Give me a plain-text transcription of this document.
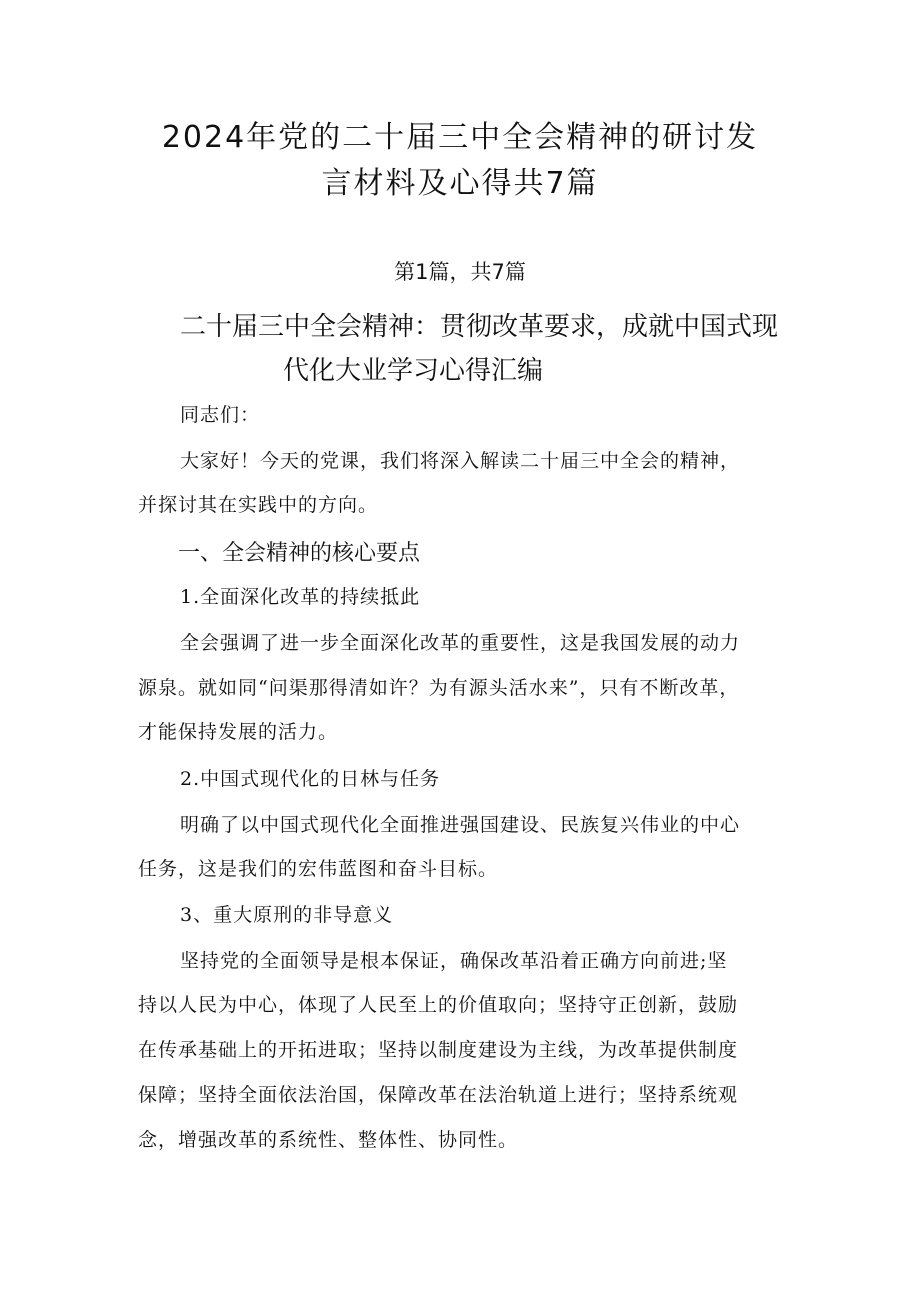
2024年党的二十届三中全会精神的研讨发
言材料及心得共7篇
第1篇，共7篇
二十届三中全会精神：贯彻改革要求，成就中国式现
代化大业学习心得汇编
同志们：
大家好！今天的党课，我们将深入解读二十届三中全会的精神，
并探讨其在实践中的方向。
一、全会精神的核心要点
1.全面深化改革的持续抵此
全会强调了进一步全面深化改革的重要性，这是我国发展的动力
源泉。就如同“问渠那得清如许？为有源头活水来”，只有不断改革，
才能保持发展的活力。
2.中国式现代化的日林与任务
明确了以中国式现代化全面推进强国建设、民族复兴伟业的中心
任务，这是我们的宏伟蓝图和奋斗目标。
3、重大原刑的非导意义
坚持党的全面领导是根本保证，确保改革沿着正确方向前进;坚
持以人民为中心，体现了人民至上的价值取向；坚持守正创新，鼓励
在传承基础上的开拓进取；坚持以制度建设为主线，为改革提供制度
保障；坚持全面依法治国，保障改革在法治轨道上进行；坚持系统观
念，增强改革的系统性、整体性、协同性。
